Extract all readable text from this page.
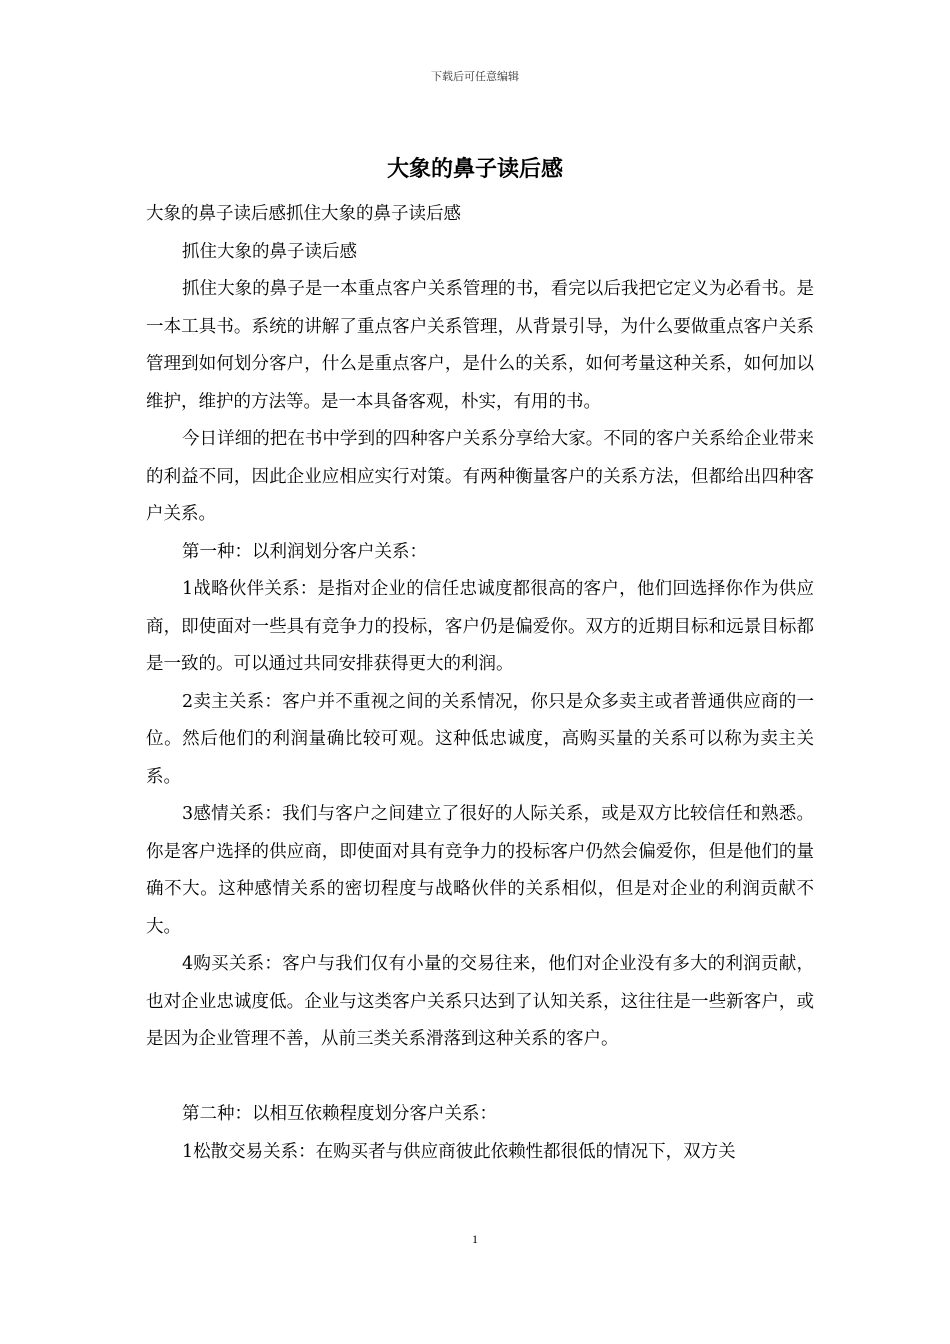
下载后可任意编辑
大象的鼻子读后感

大象的鼻子读后感抓住大象的鼻子读后感

抓住大象的鼻子读后感

抓住大象的鼻子是一本重点客户关系管理的书，看完以后我把它定义为必看书。是一本工具书。系统的讲解了重点客户关系管理，从背景引导，为什么要做重点客户关系管理到如何划分客户，什么是重点客户，是什么的关系，如何考量这种关系，如何加以维护，维护的方法等。是一本具备客观，朴实，有用的书。

今日详细的把在书中学到的四种客户关系分享给大家。不同的客户关系给企业带来的利益不同，因此企业应相应实行对策。有两种衡量客户的关系方法，但都给出四种客户关系。

第一种：以利润划分客户关系：

1战略伙伴关系：是指对企业的信任忠诚度都很高的客户，他们回选择你作为供应商，即使面对一些具有竞争力的投标，客户仍是偏爱你。双方的近期目标和远景目标都是一致的。可以通过共同安排获得更大的利润。

2卖主关系：客户并不重视之间的关系情况，你只是众多卖主或者普通供应商的一位。然后他们的利润量确比较可观。这种低忠诚度，高购买量的关系可以称为卖主关系。

3感情关系：我们与客户之间建立了很好的人际关系，或是双方比较信任和熟悉。你是客户选择的供应商，即使面对具有竞争力的投标客户仍然会偏爱你，但是他们的量确不大。这种感情关系的密切程度与战略伙伴的关系相似，但是对企业的利润贡献不大。

4购买关系：客户与我们仅有小量的交易往来，他们对企业没有多大的利润贡献，也对企业忠诚度低。企业与这类客户关系只达到了认知关系，这往往是一些新客户，或是因为企业管理不善，从前三类关系滑落到这种关系的客户。

第二种：以相互依赖程度划分客户关系：

1松散交易关系：在购买者与供应商彼此依赖性都很低的情况下，双方关

1
